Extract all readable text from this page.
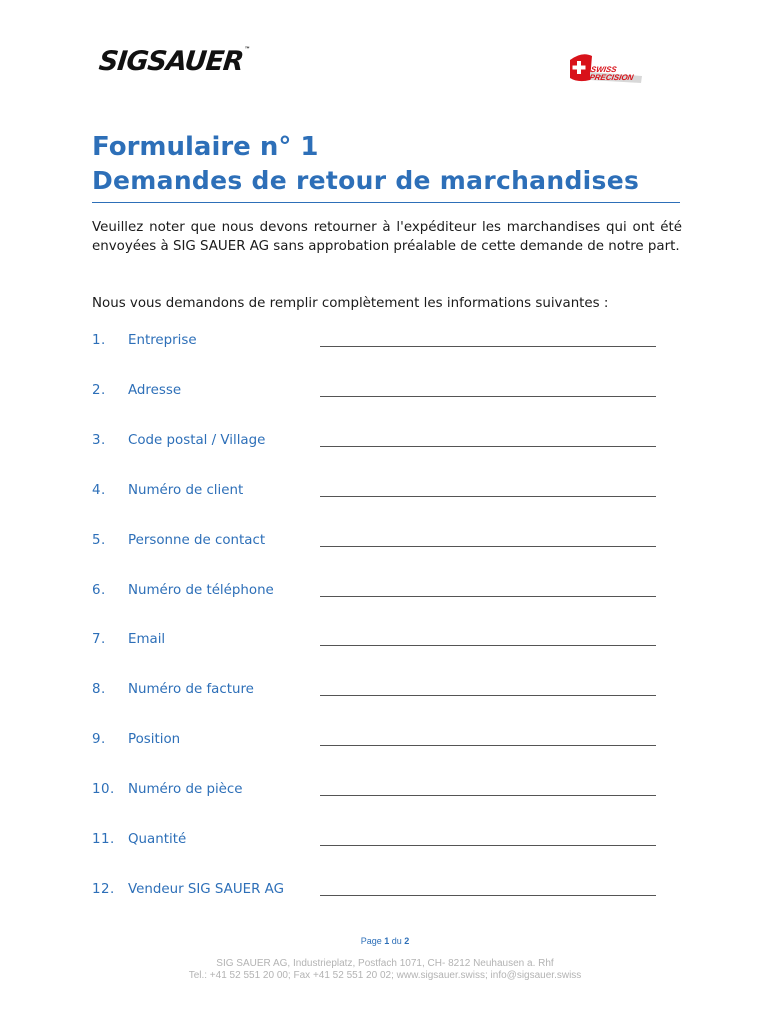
SIGSAUER™
SWISS
PRECISION
Formulaire n° 1
Demandes de retour de marchandises

Veuillez noter que nous devons retourner à l'expéditeur les marchandises qui ont été envoyées à SIG SAUER AG sans approbation préalable de cette demande de notre part.

Nous vous demandons de remplir complètement les informations suivantes :

1. Entreprise
2. Adresse
3. Code postal / Village
4. Numéro de client
5. Personne de contact
6. Numéro de téléphone
7. Email
8. Numéro de facture
9. Position
10. Numéro de pièce
11. Quantité
12. Vendeur SIG SAUER AG
Page 1 du 2
SIG SAUER AG, Industrieplatz, Postfach 1071, CH- 8212 Neuhausen a. Rhf
Tel.: +41 52 551 20 00; Fax +41 52 551 20 02; www.sigsauer.swiss; info@sigsauer.swiss
